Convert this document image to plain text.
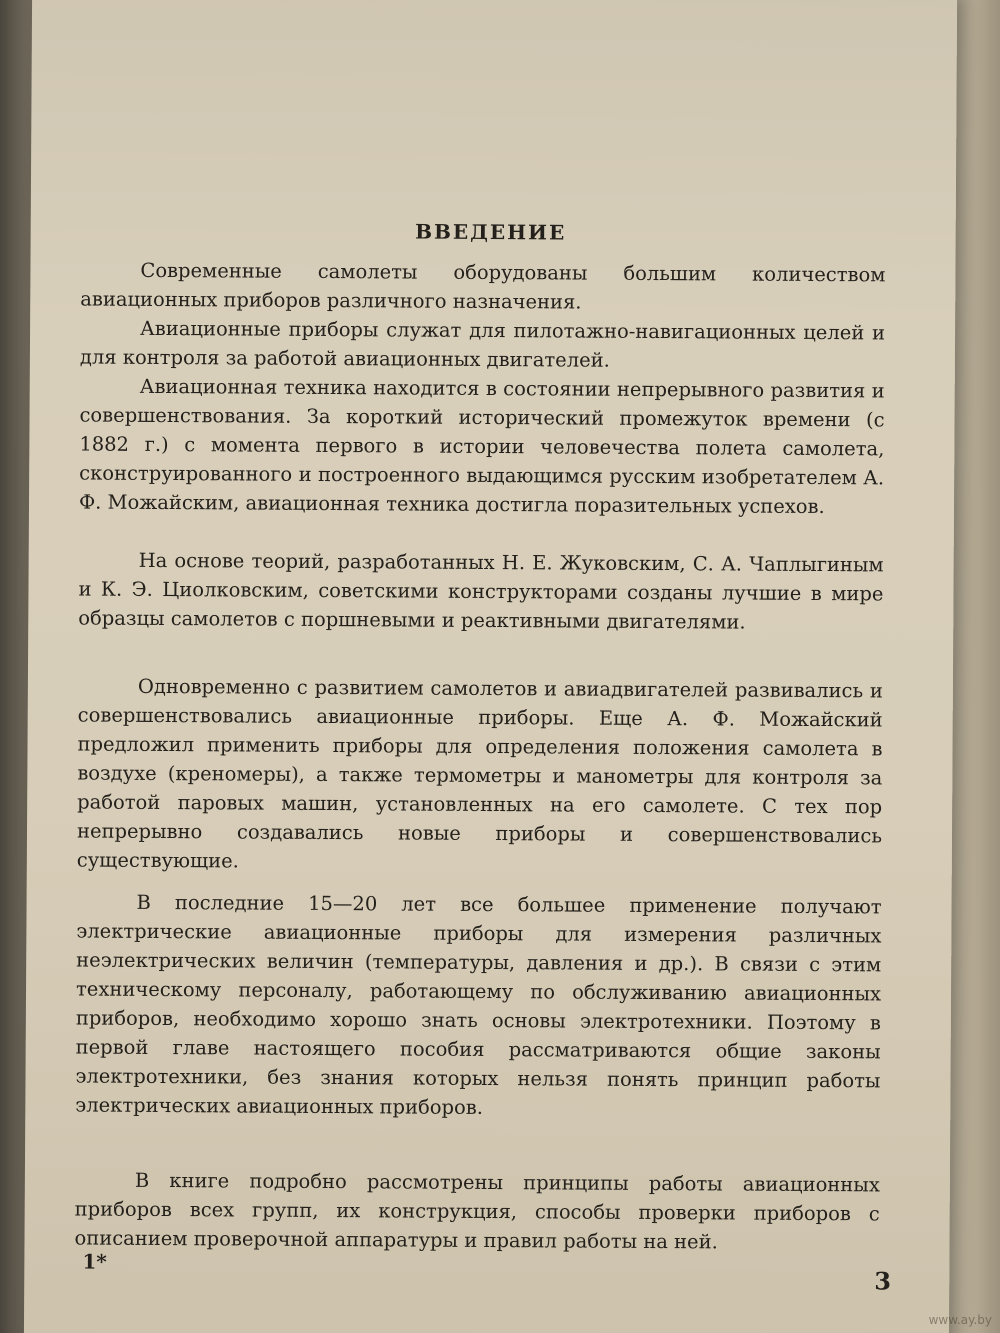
ВВЕДЕНИЕ

Современные самолеты оборудованы большим количеством авиационных приборов различного назначения.

Авиационные приборы служат для пилотажно-навигационных целей и для контроля за работой авиационных двигателей.

Авиационная техника находится в состоянии непрерывного развития и совершенствования. За короткий исторический промежуток времени (с 1882 г.) с момента первого в истории человечества полета самолета, сконструированного и построенного выдающимся русским изобретателем А. Ф. Можайским, авиационная техника достигла поразительных успехов.

На основе теорий, разработанных Н. Е. Жуковским, С. А. Чаплыгиным и К. Э. Циолковским, советскими конструкторами созданы лучшие в мире образцы самолетов с поршневыми и реактивными двигателями.

Одновременно с развитием самолетов и авиадвигателей развивались и совершенствовались авиационные приборы. Еще А. Ф. Можайский предложил применить приборы для определения положения самолета в воздухе (креномеры), а также термометры и манометры для контроля за работой паровых машин, установленных на его самолете. С тех пор непрерывно создавались новые приборы и совершенствовались существующие.

В последние 15—20 лет все большее применение получают электрические авиационные приборы для измерения различных неэлектрических величин (температуры, давления и др.). В связи с этим техническому персоналу, работающему по обслуживанию авиационных приборов, необходимо хорошо знать основы электротехники. Поэтому в первой главе настоящего пособия рассматриваются общие законы электротехники, без знания которых нельзя понять принцип работы электрических авиационных приборов.

В книге подробно рассмотрены принципы работы авиационных приборов всех групп, их конструкция, способы проверки приборов с описанием проверочной аппаратуры и правил работы на ней.

1*
3
www.ay.by
